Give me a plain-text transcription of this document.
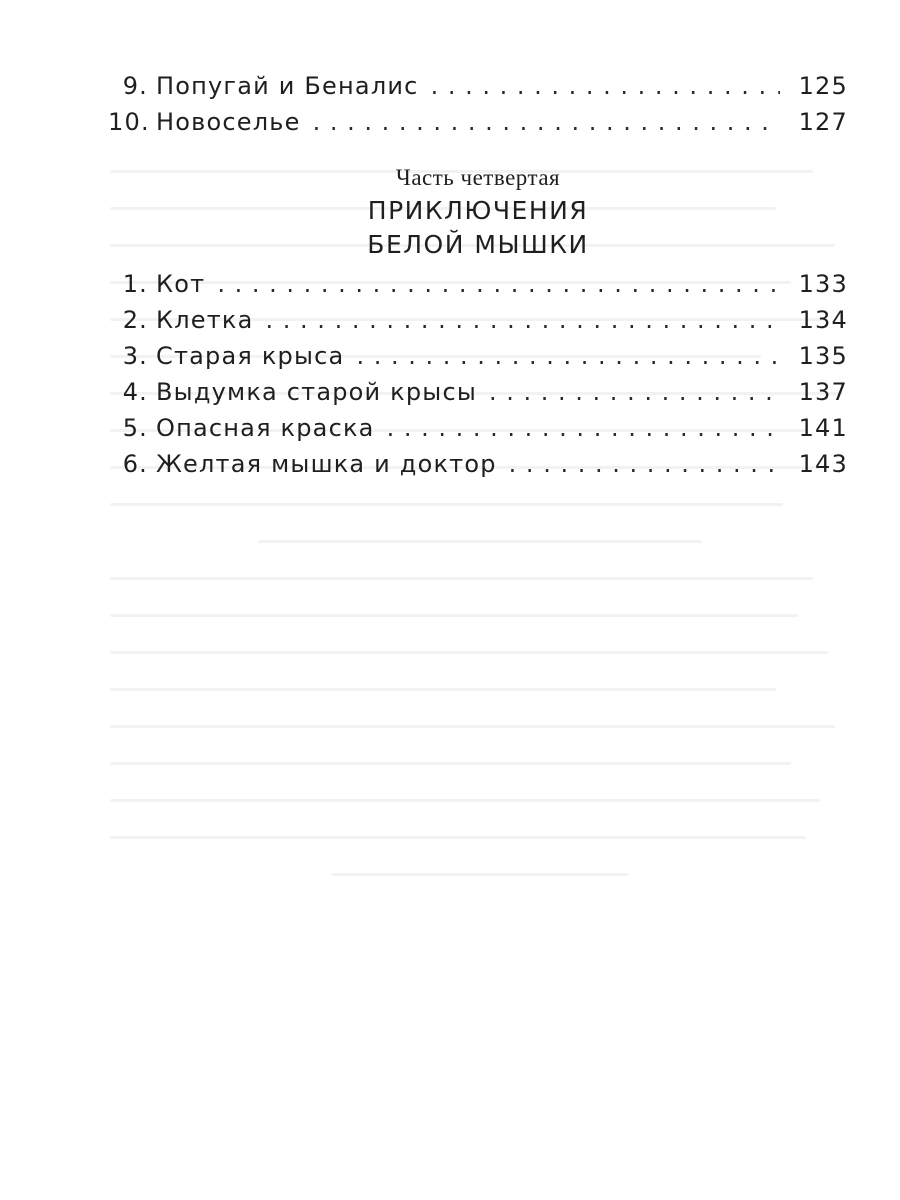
9. Попугай и Беналис . . .	125
10. Новоселье . . .	127
Часть четвертая
ПРИКЛЮЧЕНИЯ
БЕЛОЙ МЫШКИ
1. Кот . . .	133
2. Клетка . . .	134
3. Старая крыса . . .	135
4. Выдумка старой крысы . . .	137
5. Опасная краска . . .	141
6. Желтая мышка и доктор . . .	143
